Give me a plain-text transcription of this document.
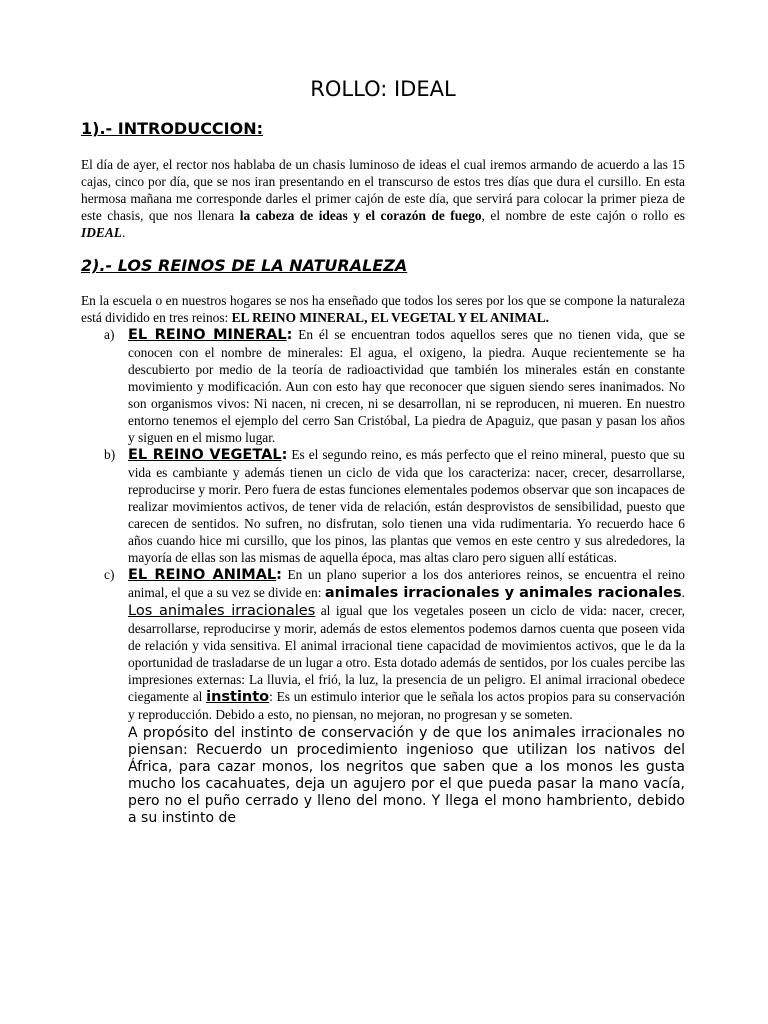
ROLLO: IDEAL
1).- INTRODUCCION:

El día de ayer, el rector nos hablaba de un chasis luminoso de ideas el cual iremos armando de acuerdo a las 15 cajas, cinco por día, que se nos iran presentando en el transcurso de estos tres días que dura el cursillo. En esta hermosa mañana me corresponde darles el primer cajón de este día, que servirá para colocar la primer pieza de este chasis, que nos llenara la cabeza de ideas y el corazón de fuego, el nombre de este cajón o rollo es IDEAL.

2).- LOS REINOS DE LA NATURALEZA

En la escuela o en nuestros hogares se nos ha enseñado que todos los seres por los que se compone la naturaleza está dividido en tres reinos: EL REINO MINERAL, EL VEGETAL Y EL ANIMAL.

a) EL REINO MINERAL: En él se encuentran todos aquellos seres que no tienen vida, que se conocen con el nombre de minerales: El agua, el oxigeno, la piedra. Auque recientemente se ha descubierto por medio de la teoría de radioactividad que también los minerales están en constante movimiento y modificación. Aun con esto hay que reconocer que siguen siendo seres inanimados. No son organismos vivos: Ni nacen, ni crecen, ni se desarrollan, ni se reproducen, ni mueren. En nuestro entorno tenemos el ejemplo del cerro San Cristóbal, La piedra de Apaguiz, que pasan y pasan los años y siguen en el mismo lugar.
b) EL REINO VEGETAL: Es el segundo reino, es más perfecto que el reino mineral, puesto que su vida es cambiante y además tienen un ciclo de vida que los caracteriza: nacer, crecer, desarrollarse, reproducirse y morir. Pero fuera de estas funciones elementales podemos observar que son incapaces de realizar movimientos activos, de tener vida de relación, están desprovistos de sensibilidad, puesto que carecen de sentidos. No sufren, no disfrutan, solo tienen una vida rudimentaria. Yo recuerdo hace 6 años cuando hice mi cursillo, que los pinos, las plantas que vemos en este centro y sus alrededores, la mayoría de ellas son las mismas de aquella época, mas altas claro pero siguen allí estáticas.
c) EL REINO ANIMAL: En un plano superior a los dos anteriores reinos, se encuentra el reino animal, el que a su vez se divide en: animales irracionales y animales racionales. Los animales irracionales al igual que los vegetales poseen un ciclo de vida: nacer, crecer, desarrollarse, reproducirse y morir, además de estos elementos podemos darnos cuenta que poseen vida de relación y vida sensitiva. El animal irracional tiene capacidad de movimientos activos, que le da la oportunidad de trasladarse de un lugar a otro. Esta dotado además de sentidos, por los cuales percibe las impresiones externas: La lluvia, el frió, la luz, la presencia de un peligro. El animal irracional obedece ciegamente al instinto: Es un estimulo interior que le señala los actos propios para su conservación y reproducción. Debido a esto, no piensan, no mejoran, no progresan y se someten.
A propósito del instinto de conservación y de que los animales irracionales no piensan: Recuerdo un procedimiento ingenioso que utilizan los nativos del África, para cazar monos, los negritos que saben que a los monos les gusta mucho los cacahuates, deja un agujero por el que pueda pasar la mano vacía, pero no el puño cerrado y lleno del mono. Y llega el mono hambriento, debido a su instinto de
